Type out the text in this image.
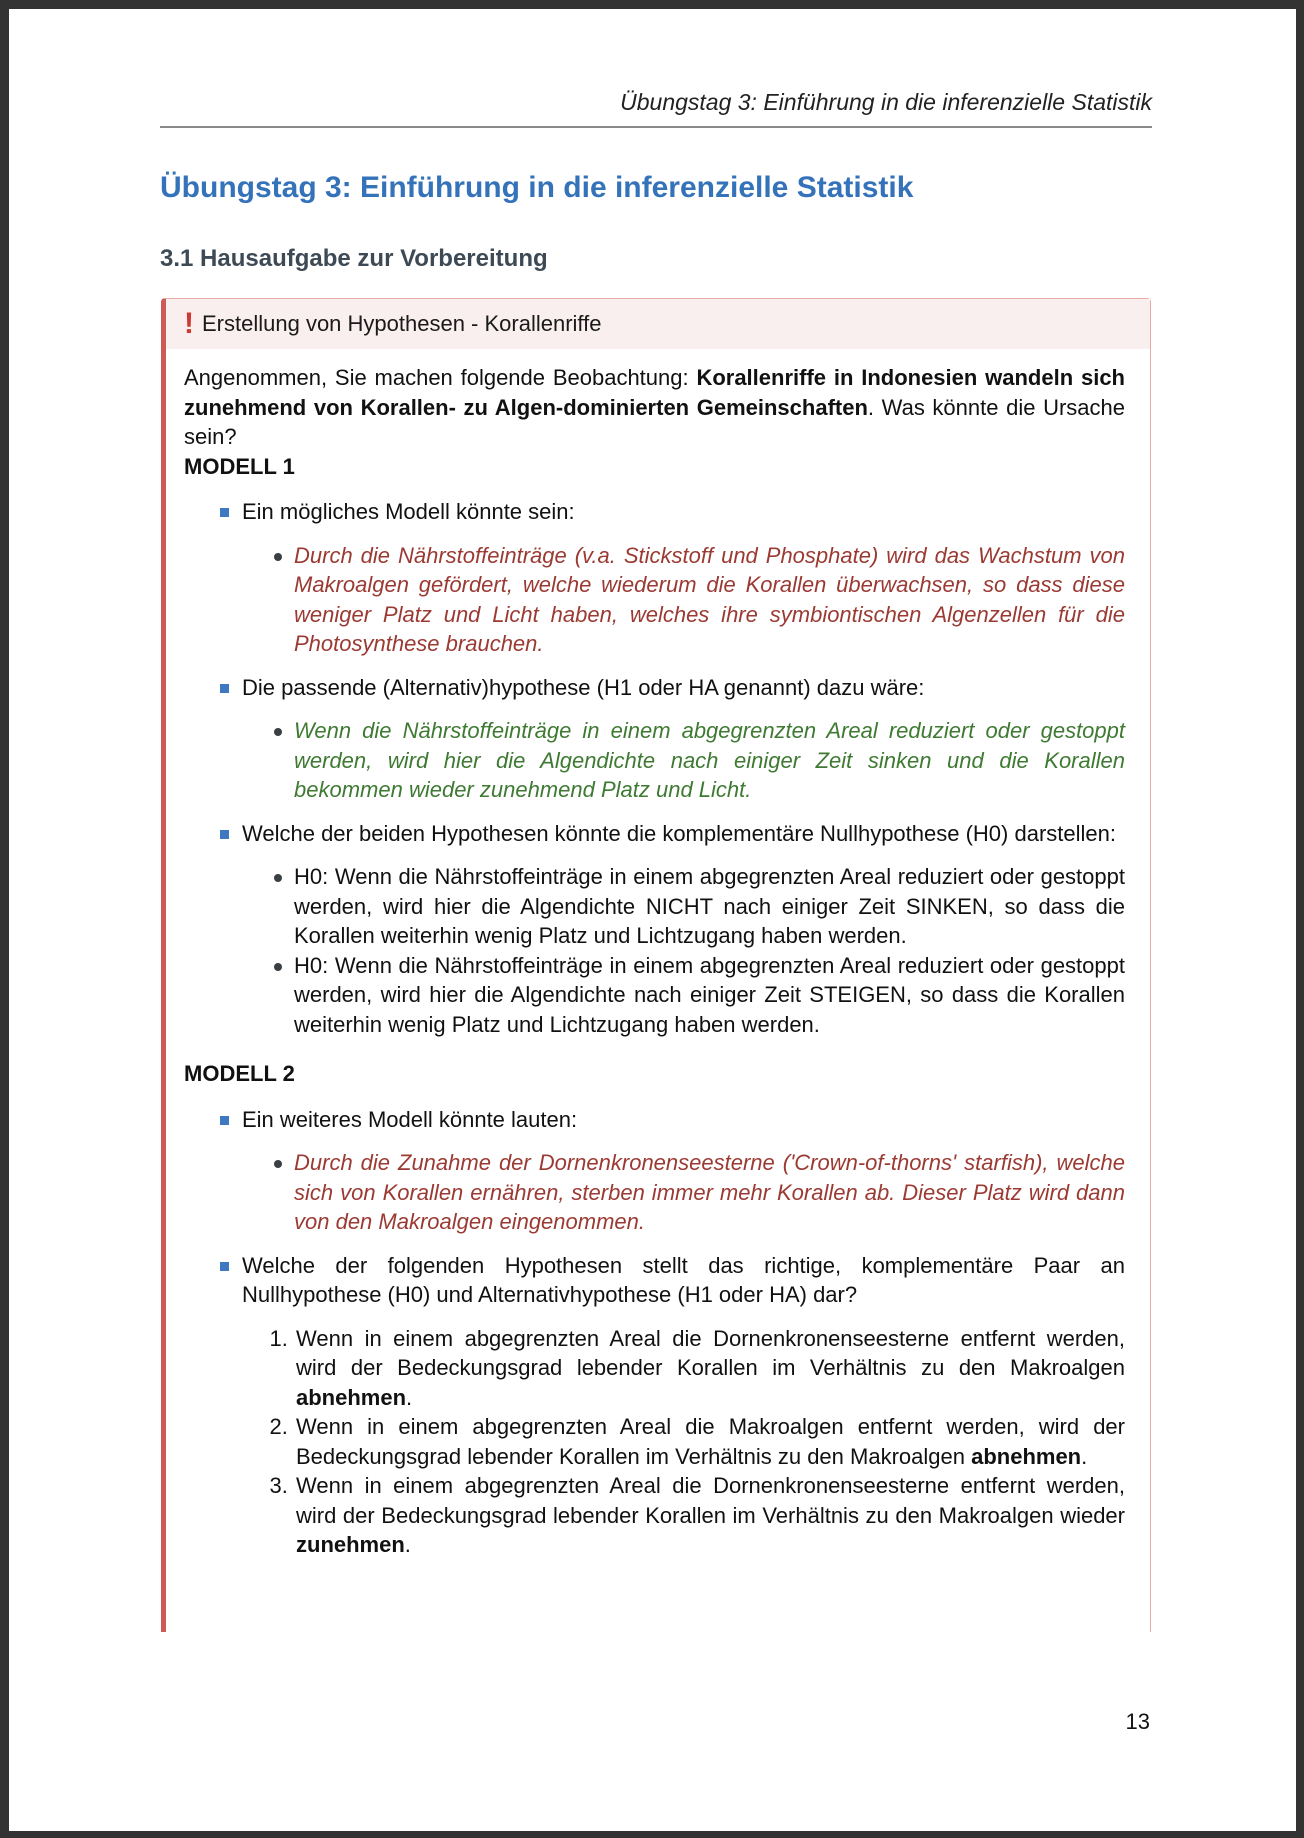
Übungstag 3: Einführung in die inferenzielle Statistik
Übungstag 3: Einführung in die inferenzielle Statistik
3.1 Hausaufgabe zur Vorbereitung
! Erstellung von Hypothesen - Korallenriffe

Angenommen, Sie machen folgende Beobachtung: Korallenriffe in Indonesien wandeln sich zunehmend von Korallen- zu Algen-dominierten Gemeinschaften. Was könnte die Ursache sein?

MODELL 1

Ein mögliches Modell könnte sein:
Durch die Nährstoffeinträge (v.a. Stickstoff und Phosphate) wird das Wachstum von Makroalgen gefördert, welche wiederum die Korallen überwachsen, so dass diese weniger Platz und Licht haben, welches ihre symbiontischen Algenzellen für die Photosynthese brauchen.
Die passende (Alternativ)hypothese (H1 oder HA genannt) dazu wäre:
Wenn die Nährstoffeinträge in einem abgegrenzten Areal reduziert oder gestoppt werden, wird hier die Algendichte nach einiger Zeit sinken und die Korallen bekommen wieder zunehmend Platz und Licht.
Welche der beiden Hypothesen könnte die komplementäre Nullhypothese (H0) darstellen:
H0: Wenn die Nährstoffeinträge in einem abgegrenzten Areal reduziert oder gestoppt werden, wird hier die Algendichte NICHT nach einiger Zeit SINKEN, so dass die Korallen weiterhin wenig Platz und Lichtzugang haben werden.
H0: Wenn die Nährstoffeinträge in einem abgegrenzten Areal reduziert oder gestoppt werden, wird hier die Algendichte nach einiger Zeit STEIGEN, so dass die Korallen weiterhin wenig Platz und Lichtzugang haben werden.

MODELL 2

Ein weiteres Modell könnte lauten:
Durch die Zunahme der Dornenkronenseesterne ('Crown-of-thorns' starfish), welche sich von Korallen ernähren, sterben immer mehr Korallen ab. Dieser Platz wird dann von den Makroalgen eingenommen.
Welche der folgenden Hypothesen stellt das richtige, komplementäre Paar an Nullhypothese (H0) und Alternativhypothese (H1 oder HA) dar?
1. Wenn in einem abgegrenzten Areal die Dornenkronenseesterne entfernt werden, wird der Bedeckungsgrad lebender Korallen im Verhältnis zu den Makroalgen abnehmen.
2. Wenn in einem abgegrenzten Areal die Makroalgen entfernt werden, wird der Bedeckungsgrad lebender Korallen im Verhältnis zu den Makroalgen abnehmen.
3. Wenn in einem abgegrenzten Areal die Dornenkronenseesterne entfernt werden, wird der Bedeckungsgrad lebender Korallen im Verhältnis zu den Makroalgen wieder zunehmen.
13
